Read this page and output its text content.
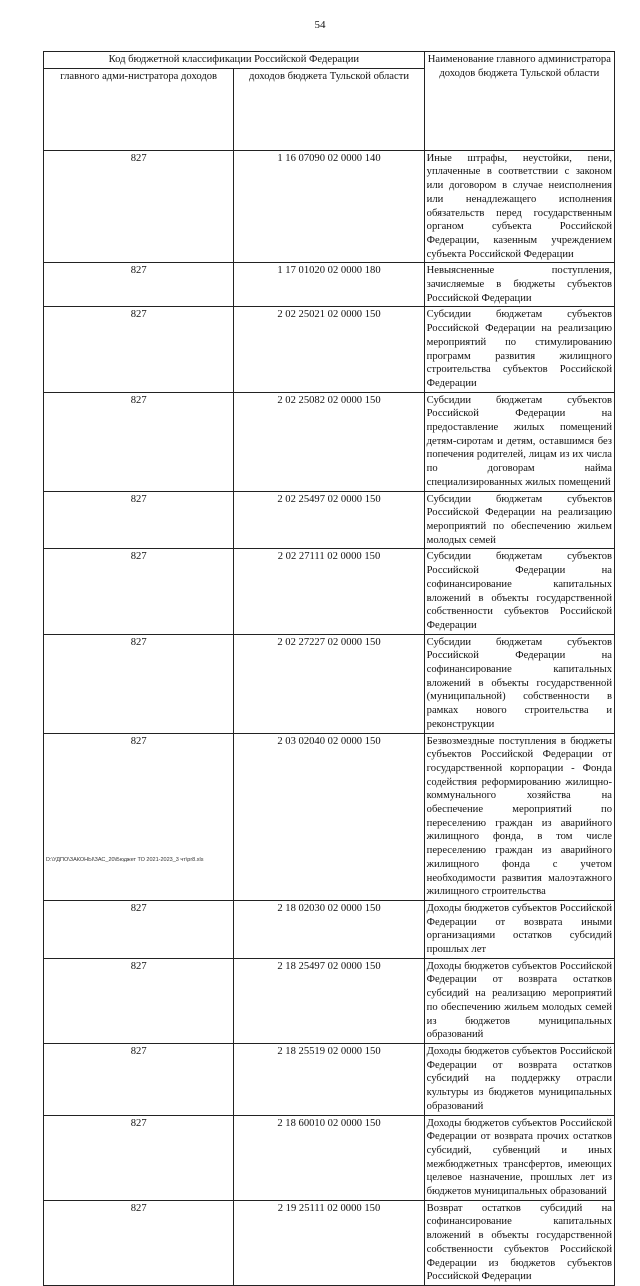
54
Код бюджетной классификации Российской Федерации		Наименование главного администратора доходов бюджета Тульской области
главного адми-нистратора доходов	доходов бюджета Тульской области	
827	1 16 07090 02 0000 140	Иные штрафы, неустойки, пени, уплаченные в соответствии с законом или договором в случае неисполнения или ненадлежащего исполнения обязательств перед государственным органом субъекта Российской Федерации, казенным учреждением субъекта Российской Федерации
827	1 17 01020 02 0000 180	Невыясненные поступления, зачисляемые в бюджеты субъектов Российской Федерации
827	2 02 25021 02 0000 150	Субсидии бюджетам субъектов Российской Федерации на реализацию мероприятий по стимулированию программ развития жилищного строительства субъектов Российской Федерации
827	2 02 25082 02 0000 150	Субсидии бюджетам субъектов Российской Федерации на предоставление жилых помещений детям-сиротам и детям, оставшимся без попечения родителей, лицам из их числа по договорам найма специализированных жилых помещений
827	2 02 25497 02 0000 150	Субсидии бюджетам субъектов Российской Федерации на реализацию мероприятий по обеспечению жильем молодых семей
827	2 02 27111 02 0000 150	Субсидии бюджетам субъектов Российской Федерации на софинансирование капитальных вложений в объекты государственной собственности субъектов Российской Федерации
827	2 02 27227 02 0000 150	Субсидии бюджетам субъектов Российской Федерации на софинансирование капитальных вложений в объекты государственной (муниципальной) собственности в рамках нового строительства и реконструкции
827	2 03 02040 02 0000 150	Безвозмездные поступления в бюджеты субъектов Российской Федерации от государственной корпорации - Фонда содействия реформированию жилищно-коммунального хозяйства на обеспечение мероприятий по переселению граждан из аварийного жилищного фонда, в том числе переселению граждан из аварийного жилищного фонда с учетом необходимости развития малоэтажного жилищного строительства
827	2 18 02030 02 0000 150	Доходы бюджетов субъектов Российской Федерации от возврата иными организациями остатков субсидий прошлых лет
827	2 18 25497 02 0000 150	Доходы бюджетов субъектов Российской Федерации от возврата остатков субсидий на реализацию мероприятий по обеспечению жильем молодых семей из бюджетов муниципальных образований
827	2 18 25519 02 0000 150	Доходы бюджетов субъектов Российской Федерации от возврата остатков субсидий на поддержку отрасли культуры из бюджетов муниципальных образований
827	2 18 60010 02 0000 150	Доходы бюджетов субъектов Российской Федерации от возврата прочих остатков субсидий, субвенций и иных межбюджетных трансфертов, имеющих целевое назначение, прошлых лет из бюджетов муниципальных образований
827	2 19 25111 02 0000 150	Возврат остатков субсидий на софинансирование капитальных вложений в объекты государственной собственности субъектов Российской Федерации из бюджетов субъектов Российской Федерации
D:\УДПО\ЗАКОНЫ\ЗАС_20\Бюджет ТО 2021-2023_3 чт\pr8.xls
